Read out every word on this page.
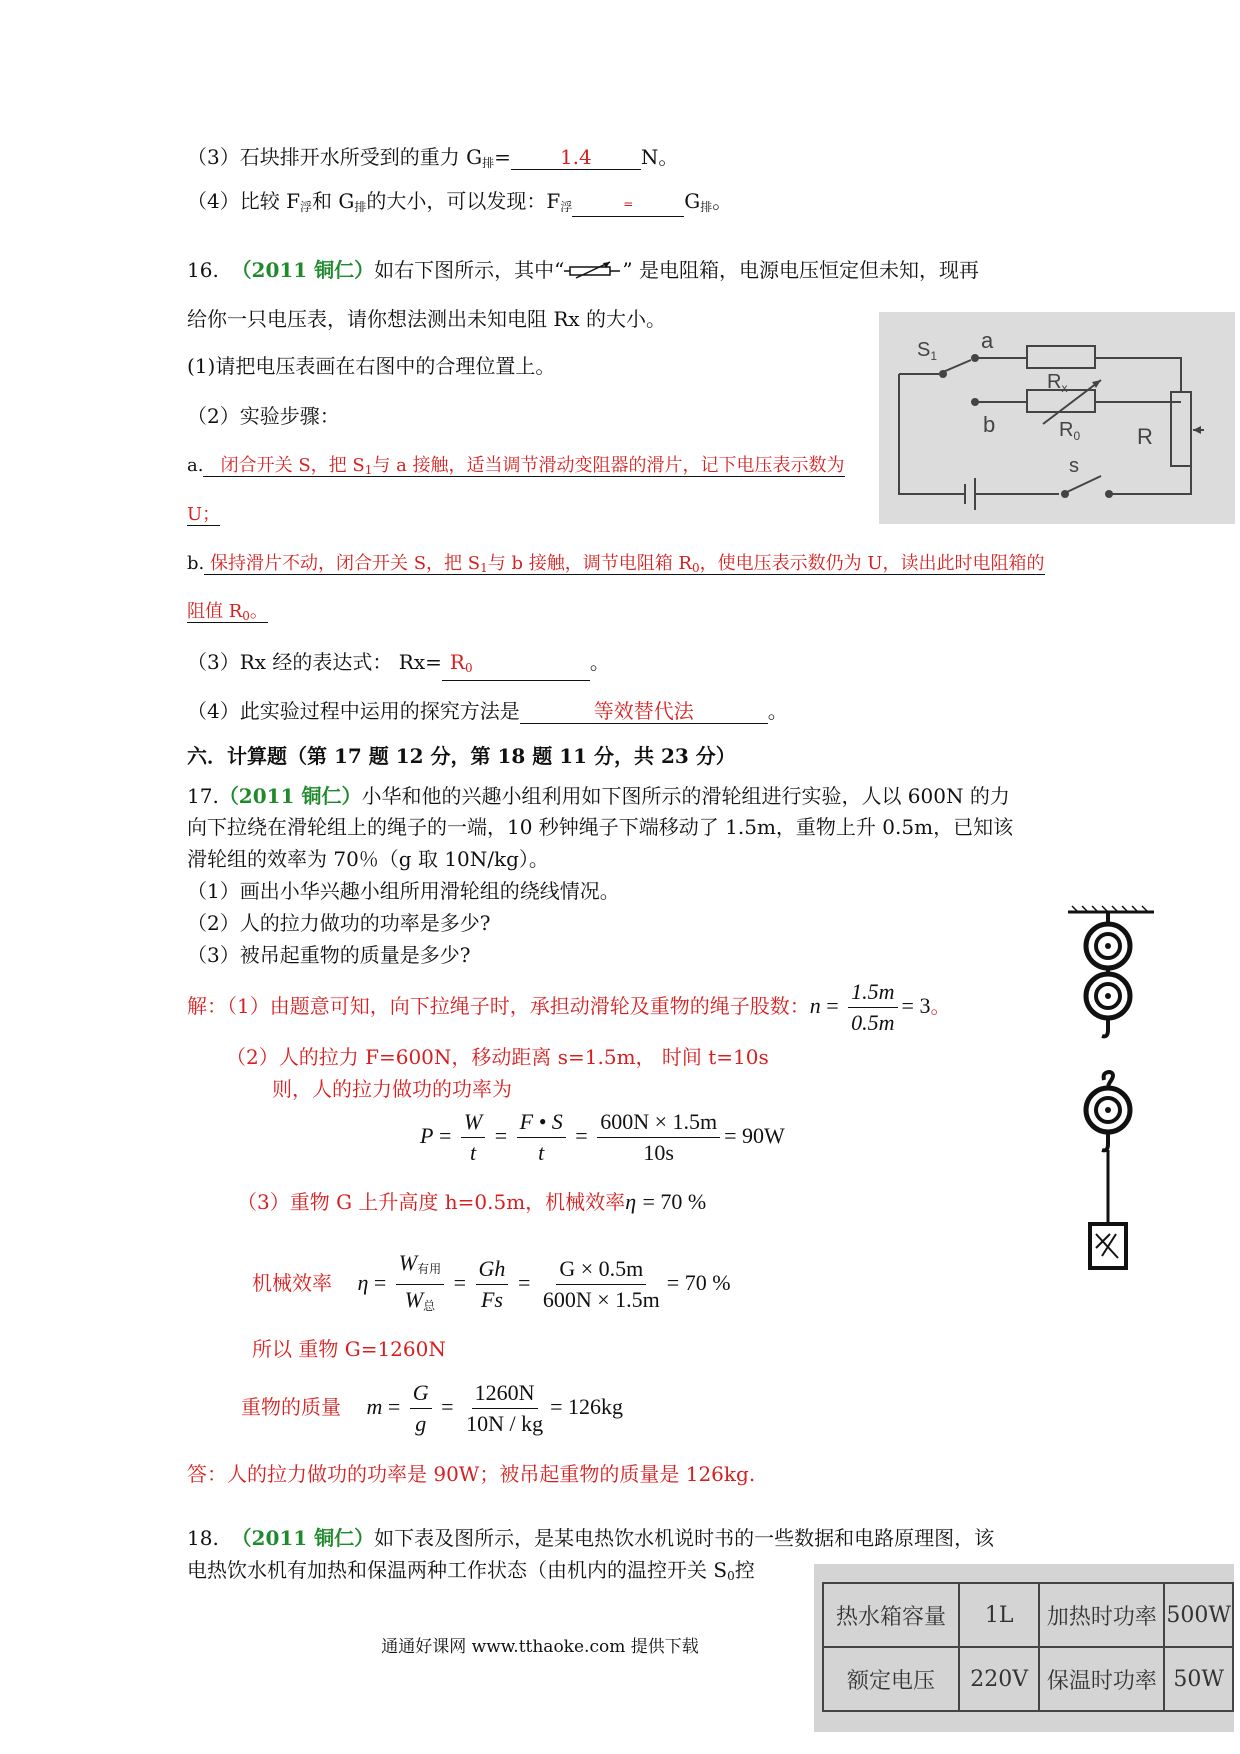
（3）石块排开水所受到的重力 $G_排= 1.4$ N。
（4）比较 $F_浮$和 $G_排$的大小，可以发现：$F_浮$	=	$G_排$。
16. （2011 铜仁）如右下图所示，其中“	” 是电阻箱，电源电压恒定但未知，现再
给你一只电压表，请你想法测出未知电阻 Rx 的大小。
(1)请把电压表画在右图中的合理位置上。
（2）实验步骤：
a. 闭合开关 S，把 $S_1$与 a 接触，适当调节滑动变阻器的滑片，记下电压表示数为
U；
b. 保持滑片不动，闭合开关 S，把 $S_1$与 b 接触，调节电阻箱 $R_0$，使电压表示数仍为 U，读出此时电阻箱的
阻值 $R_0$。
（3）Rx 经的表达式： $Rx= R_0$	。
（4）此实验过程中运用的探究方法是	等效替代法	。
a
b
$S_1$
$R_x$
$R_0$	R
s
六．计算题（第 17 题 12 分，第 18 题 11 分，共 23 分）
17.（2011 铜仁）小华和他的兴趣小组利用如下图所示的滑轮组进行实验，人以 600N 的力
向下拉绕在滑轮组上的绳子的一端，10 秒钟绳子下端移动了 1.5m，重物上升 0.5m，已知该
滑轮组的效率为 70％（g 取 10N/kg）。
（1）画出小华兴趣小组所用滑轮组的绕线情况。
（2）人的拉力做功的功率是多少?
（3）被吊起重物的质量是多少?
解：（1）由题意可知，向下拉绳子时，承担动滑轮及重物的绳子股数：$n = \frac{1.5m}{0.5m} = 3$。
（2）人的拉力 F=600N，移动距离 s=1.5m， 时间 t=10s
则，人的拉力做功的功率为
$P = \frac{W}{t} = \frac{F • S}{t} = \frac{600N \times 1.5m}{10s} = 90W$
（3）重物 G 上升高度 h=0.5m，机械效率η = 70 %
机械效率 $\eta = \frac{W_{有用}}{W_总} = \frac{Gh}{Fs} = \frac{G \times 0.5m}{600N \times 1.5m} = 70$ %
所以 重物 G=1260N
重物的质量 $m = \frac{G}{g} = \frac{1260N}{10N / kg} = 126kg$
答：人的拉力做功的功率是 90W；被吊起重物的质量是 126kg.
18. （2011 铜仁）如下表及图所示，是某电热饮水机说时书的一些数据和电路原理图，该
电热饮水机有加热和保温两种工作状态（由机内的温控开关 $S_0$控
热水箱容量	1L	加热时功率	500W
额定电压	220V	保温时功率	50W
通通好课网 www.tthaoke.com 提供下载
